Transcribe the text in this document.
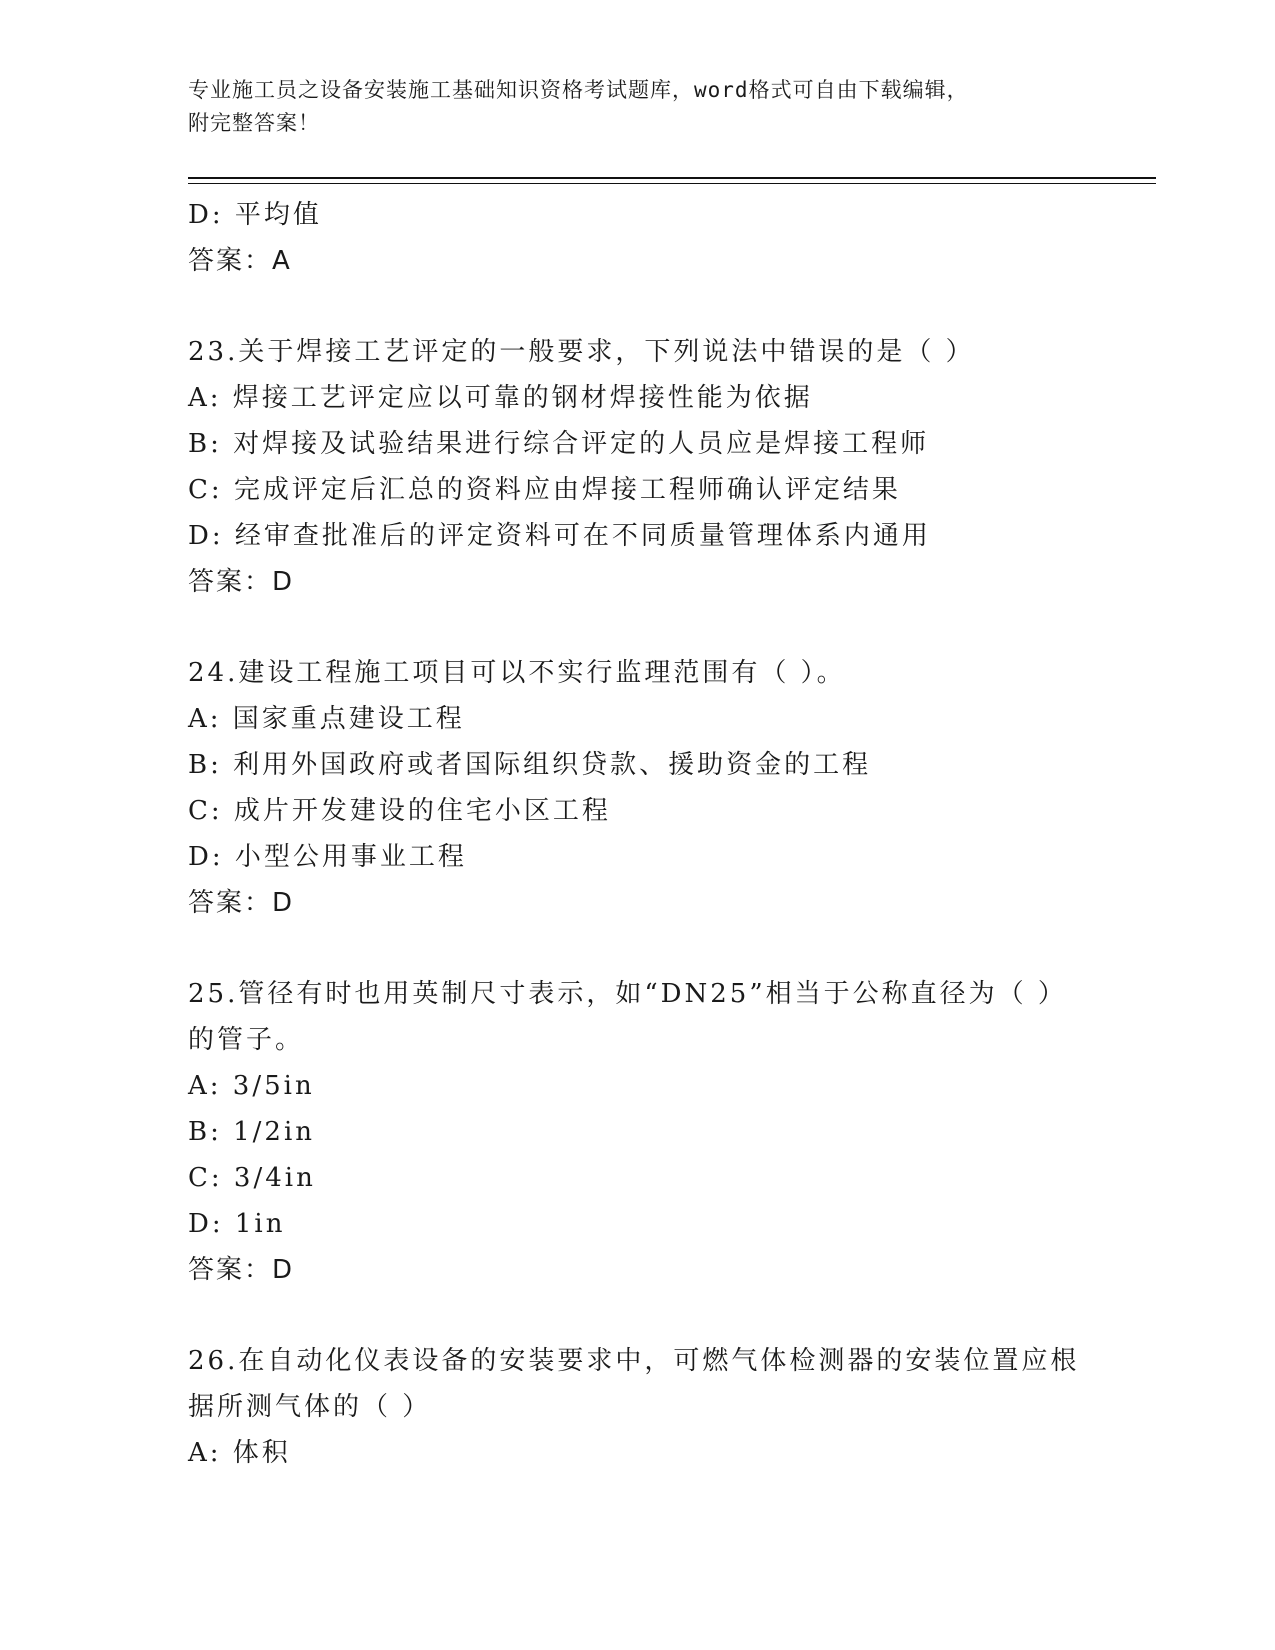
专业施工员之设备安装施工基础知识资格考试题库，word格式可自由下载编辑，
附完整答案！
D: 平均值
答案：A
23.关于焊接工艺评定的一般要求，下列说法中错误的是（ ）
A: 焊接工艺评定应以可靠的钢材焊接性能为依据
B: 对焊接及试验结果进行综合评定的人员应是焊接工程师
C: 完成评定后汇总的资料应由焊接工程师确认评定结果
D: 经审查批准后的评定资料可在不同质量管理体系内通用
答案：D
24.建设工程施工项目可以不实行监理范围有（ ）。
A: 国家重点建设工程
B: 利用外国政府或者国际组织贷款、援助资金的工程
C: 成片开发建设的住宅小区工程
D: 小型公用事业工程
答案：D
25.管径有时也用英制尺寸表示，如“DN25”相当于公称直径为（ ）
的管子。
A: 3/5in
B: 1/2in
C: 3/4in
D: 1in
答案：D
26.在自动化仪表设备的安装要求中，可燃气体检测器的安装位置应根
据所测气体的（ ）
A: 体积
